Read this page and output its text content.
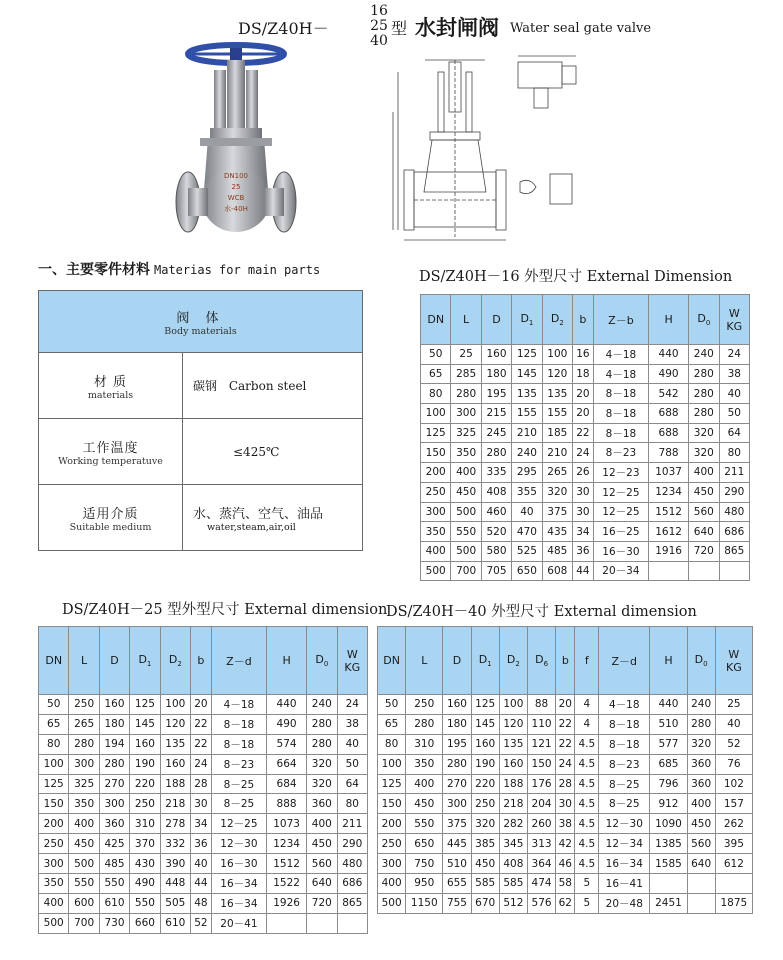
DS/Z40H－
16
25
40
型 水封闸阀 Water seal gate valve
DN100
25
WCB
水-40H
一、主要零件材料 Materias for main parts
阀 体
Body materials	

材 质
materials	碳钢 Carbon steel

工作温度
Working temperatuve	≤425℃

适用介质
Suitable medium	水、蒸汽、空气、油品
water,steam,air,oil
DS/Z40H－16 外型尺寸 External Dimension
DS/Z40H－25 型外型尺寸 External dimension
DS/Z40H－40 外型尺寸 External dimension
DN	L	D	$D_1$	$D_2$	b	Z－b	H	$D_0$	W
KG
50	25	160	125	100	16	4－18	440	240	24
65	285	180	145	120	18	4－18	490	280	38
80	280	195	135	135	20	8－18	542	280	40
100	300	215	155	155	20	8－18	688	280	50
125	325	245	210	185	22	8－18	688	320	64
150	350	280	240	210	24	8－23	788	320	80
200	400	335	295	265	26	12－23	1037	400	211
250	450	408	355	320	30	12－25	1234	450	290
300	500	460	40	375	30	12－25	1512	560	480
350	550	520	470	435	34	16－25	1612	640	686
400	500	580	525	485	36	16－30	1916	720	865
500	700	705	650	608	44	20－34			
DN	L	D	$D_1$	$D_2$	b	Z－d	H	$D_0$	W
KG
50	250	160	125	100	20	4－18	440	240	24
65	265	180	145	120	22	8－18	490	280	38
80	280	194	160	135	22	8－18	574	280	40
100	300	280	190	160	24	8－23	664	320	50
125	325	270	220	188	28	8－25	684	320	64
150	350	300	250	218	30	8－25	888	360	80
200	400	360	310	278	34	12－25	1073	400	211
250	450	425	370	332	36	12－30	1234	450	290
300	500	485	430	390	40	16－30	1512	560	480
350	550	550	490	448	44	16－34	1522	640	686
400	600	610	550	505	48	16－34	1926	720	865
500	700	730	660	610	52	20－41			
DN	L	D	$D_1$	$D_2$	$D_6$	b	f	Z－d	H	$D_0$	W
KG
50	250	160	125	100	88	20	4	4－18	440	240	25
65	280	180	145	120	110	22	4	8－18	510	280	40
80	310	195	160	135	121	22	4.5	8－18	577	320	52
100	350	280	190	160	150	24	4.5	8－23	685	360	76
125	400	270	220	188	176	28	4.5	8－25	796	360	102
150	450	300	250	218	204	30	4.5	8－25	912	400	157
200	550	375	320	282	260	38	4.5	12－30	1090	450	262
250	650	445	385	345	313	42	4.5	12－34	1385	560	395
300	750	510	450	408	364	46	4.5	16－34	1585	640	612
400	950	655	585	585	474	58	5	16－41			
500	1150	755	670	512	576	62	5	20－48	2451		1875
